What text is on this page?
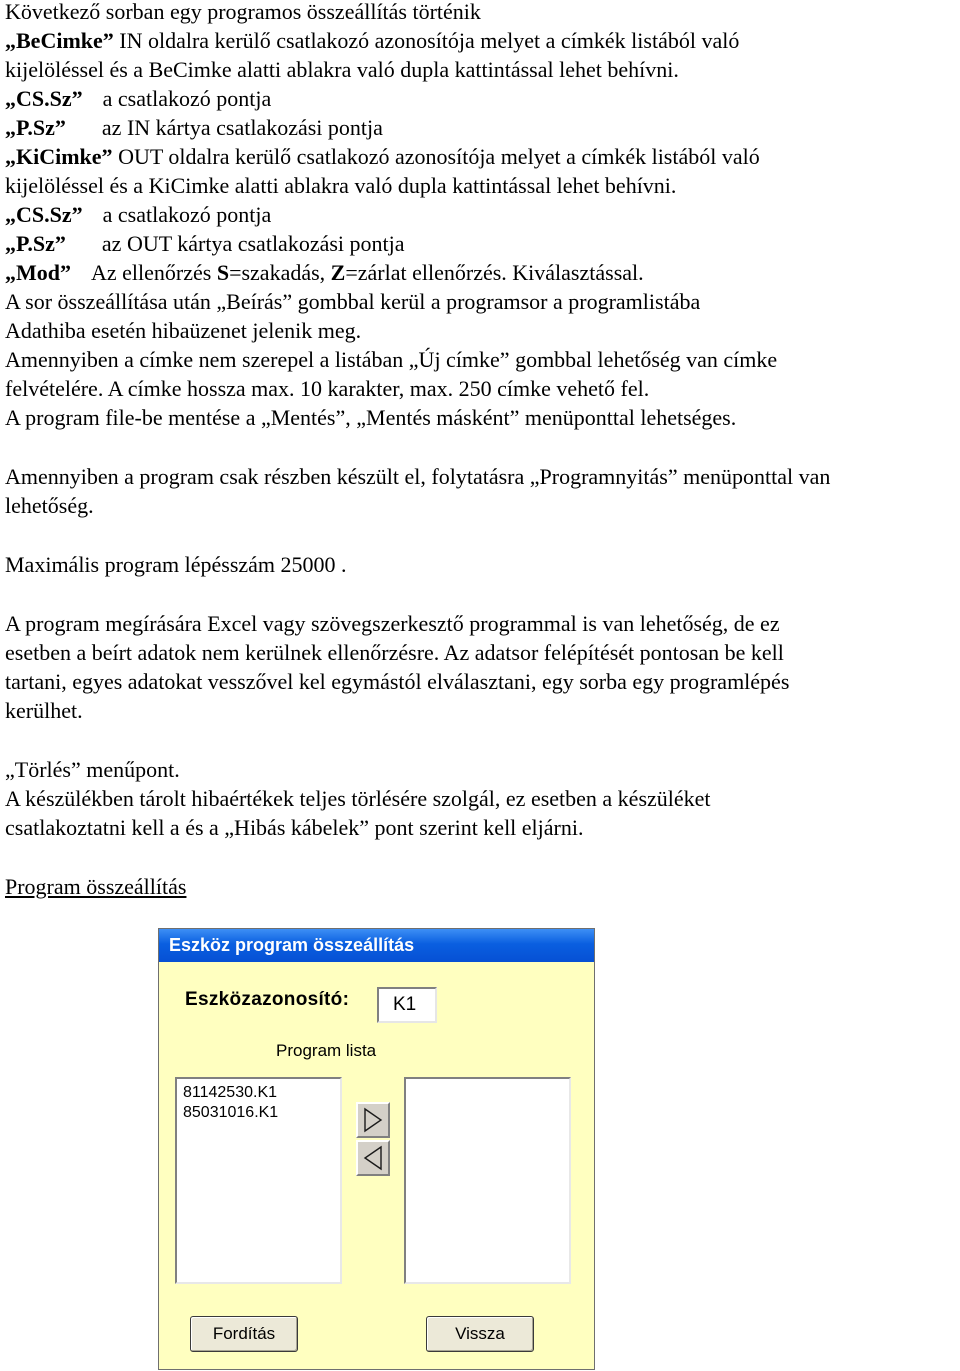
Következő sorban egy programos összeállítás történik
„BeCimke” IN oldalra kerülő csatlakozó azonosítója melyet a címkék listából való
kijelöléssel és a BeCimke alatti ablakra való dupla kattintással lehet behívni.
„CS.Sz” a csatlakozó pontja
„P.Sz” az IN kártya csatlakozási pontja
„KiCimke” OUT oldalra kerülő csatlakozó azonosítója melyet a címkék listából való
kijelöléssel és a KiCimke alatti ablakra való dupla kattintással lehet behívni.
„CS.Sz” a csatlakozó pontja
„P.Sz” az OUT kártya csatlakozási pontja
„Mod” Az ellenőrzés S=szakadás, Z=zárlat ellenőrzés. Kiválasztással.
A sor összeállítása után „Beírás” gombbal kerül a programsor a programlistába
Adathiba esetén hibaüzenet jelenik meg.
Amennyiben a címke nem szerepel a listában „Új címke” gombbal lehetőség van címke
felvételére. A címke hossza max. 10 karakter, max. 250 címke vehető fel.
A program file-be mentése a „Mentés”, „Mentés másként” menüponttal lehetséges.
Amennyiben a program csak részben készült el, folytatásra „Programnyitás” menüponttal van
lehetőség.
Maximális program lépésszám 25000 .
A program megírására Excel vagy szövegszerkesztő programmal is van lehetőség, de ez
esetben a beírt adatok nem kerülnek ellenőrzésre. Az adatsor felépítését pontosan be kell
tartani, egyes adatokat vesszővel kel egymástól elválasztani, egy sorba egy programlépés
kerülhet.
„Törlés” menűpont.
A készülékben tárolt hibaértékek teljes törlésére szolgál, ez esetben a készüléket
csatlakoztatni kell a és a „Hibás kábelek” pont szerint kell eljárni.
Program összeállítás
Eszköz program összeállítás
Eszközazonosító:	K1
Program lista
81142530.K1
85031016.K1
Fordítás	Vissza
